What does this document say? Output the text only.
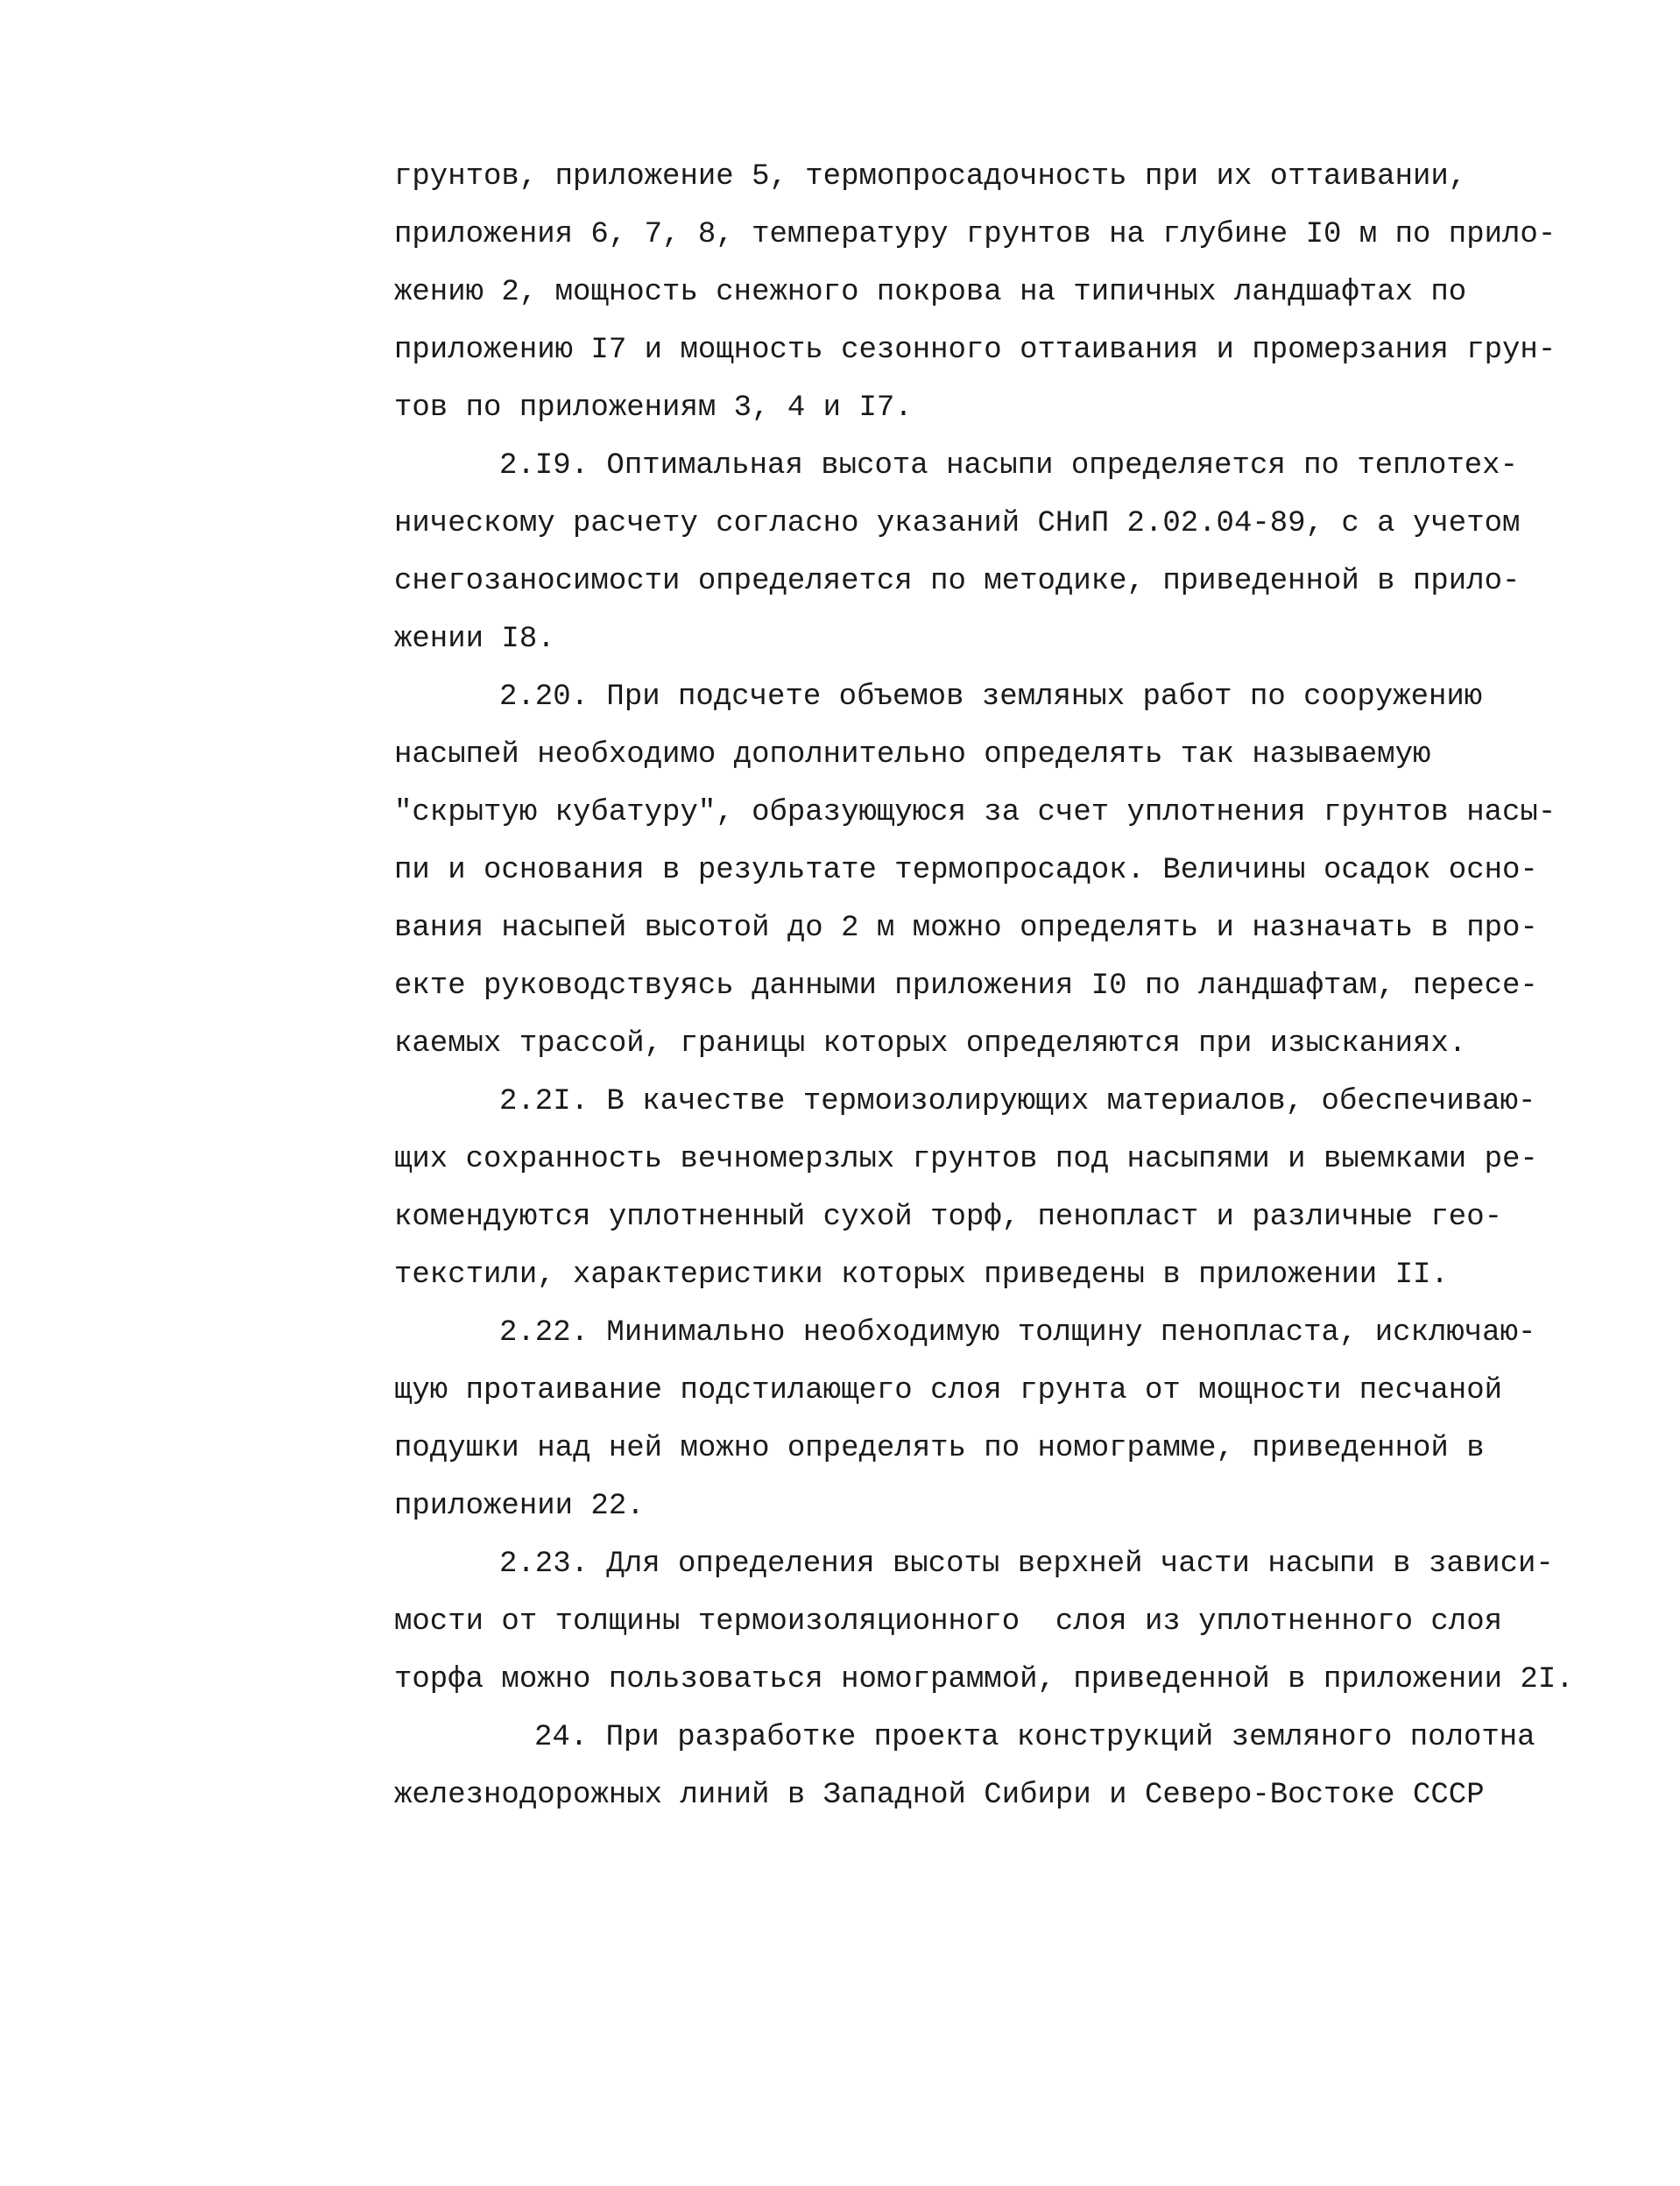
грунтов, приложение 5, термопросадочность при их оттаивании,
приложения 6, 7, 8, температуру грунтов на глубине I0 м по прило-
жению 2, мощность снежного покрова на типичных ландшафтах по
приложению I7 и мощность сезонного оттаивания и промерзания грун-
тов по приложениям 3, 4 и I7.
2.I9. Оптимальная высота насыпи определяется по теплотех-
ническому расчету согласно указаний СНиП 2.02.04-89, с а учетом
снегозаносимости определяется по методике, приведенной в прило-
жении I8.
2.20. При подсчете объемов земляных работ по сооружению
насыпей необходимо дополнительно определять так называемую
"скрытую кубатуру", образующуюся за счет уплотнения грунтов насы-
пи и основания в результате термопросадок. Величины осадок осно-
вания насыпей высотой до 2 м можно определять и назначать в про-
екте руководствуясь данными приложения I0 по ландшафтам, пересе-
каемых трассой, границы которых определяются при изысканиях.
2.2I. В качестве термоизолирующих материалов, обеспечиваю-
щих сохранность вечномерзлых грунтов под насыпями и выемками ре-
комендуются уплотненный сухой торф, пенопласт и различные гео-
текстили, характеристики которых приведены в приложении II.
2.22. Минимально необходимую толщину пенопласта, исключаю-
щую протаивание подстилающего слоя грунта от мощности песчаной
подушки над ней можно определять по номограмме, приведенной в
приложении 22.
2.23. Для определения высоты верхней части насыпи в зависи-
мости от толщины термоизоляционного  слоя из уплотненного слоя
торфа можно пользоваться номограммой, приведенной в приложении 2I.
24. При разработке проекта конструкций земляного полотна
железнодорожных линий в Западной Сибири и Северо-Востоке СССР
